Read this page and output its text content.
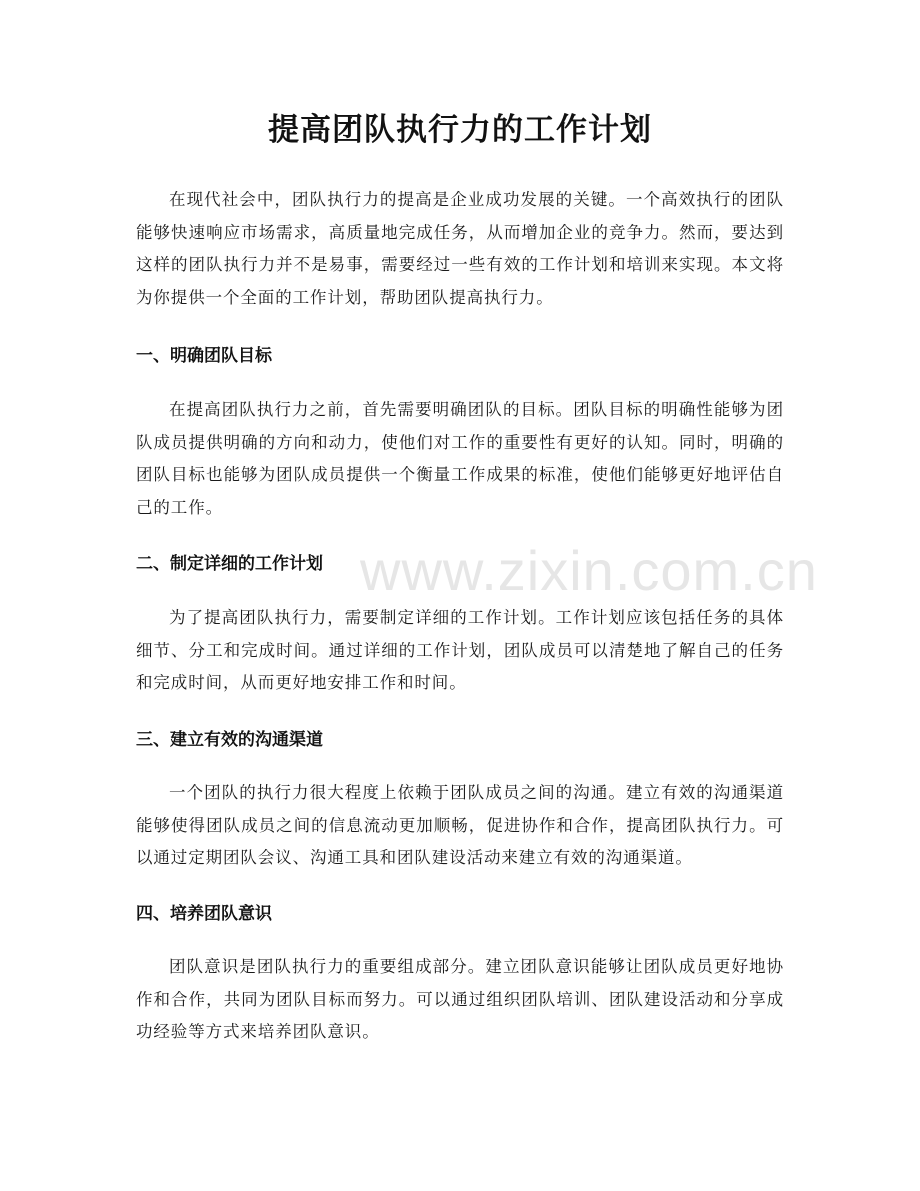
www.zixin.com.cn
提高团队执行力的工作计划

在现代社会中，团队执行力的提高是企业成功发展的关键。一个高效执行的团队能够快速响应市场需求，高质量地完成任务，从而增加企业的竞争力。然而，要达到这样的团队执行力并不是易事，需要经过一些有效的工作计划和培训来实现。本文将为你提供一个全面的工作计划，帮助团队提高执行力。

一、明确团队目标

在提高团队执行力之前，首先需要明确团队的目标。团队目标的明确性能够为团队成员提供明确的方向和动力，使他们对工作的重要性有更好的认知。同时，明确的团队目标也能够为团队成员提供一个衡量工作成果的标准，使他们能够更好地评估自己的工作。

二、制定详细的工作计划

为了提高团队执行力，需要制定详细的工作计划。工作计划应该包括任务的具体细节、分工和完成时间。通过详细的工作计划，团队成员可以清楚地了解自己的任务和完成时间，从而更好地安排工作和时间。

三、建立有效的沟通渠道

一个团队的执行力很大程度上依赖于团队成员之间的沟通。建立有效的沟通渠道能够使得团队成员之间的信息流动更加顺畅，促进协作和合作，提高团队执行力。可以通过定期团队会议、沟通工具和团队建设活动来建立有效的沟通渠道。

四、培养团队意识

团队意识是团队执行力的重要组成部分。建立团队意识能够让团队成员更好地协作和合作，共同为团队目标而努力。可以通过组织团队培训、团队建设活动和分享成功经验等方式来培养团队意识。
